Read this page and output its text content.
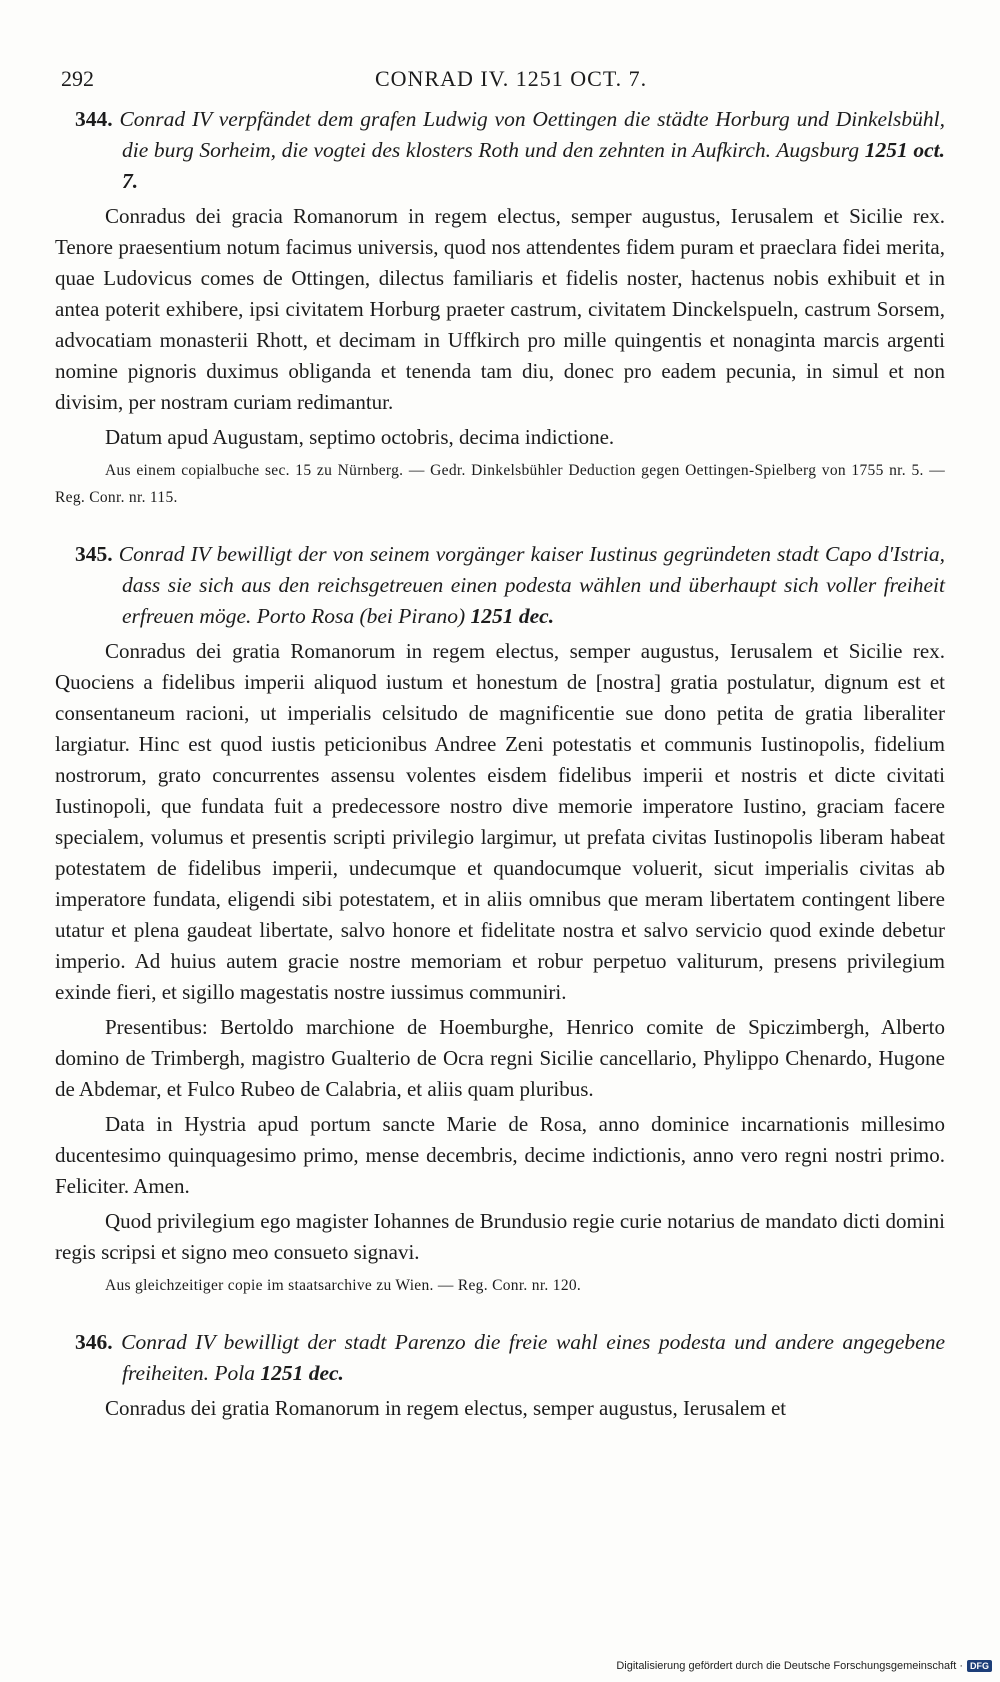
292	CONRAD IV. 1251 OCT. 7.

344. Conrad IV verpfändet dem grafen Ludwig von Oettingen die städte Horburg und Dinkelsbühl, die burg Sorheim, die vogtei des klosters Roth und den zehnten in Aufkirch. Augsburg 1251 oct. 7.

Conradus dei gracia Romanorum in regem electus, semper augustus, Ierusalem et Sicilie rex. Tenore praesentium notum facimus universis, quod nos attendentes fidem puram et praeclara fidei merita, quae Ludovicus comes de Ottingen, dilectus familiaris et fidelis noster, hactenus nobis exhibuit et in antea poterit exhibere, ipsi civitatem Horburg praeter castrum, civitatem Dinckelspueln, castrum Sorsem, advocatiam monasterii Rhott, et decimam in Uffkirch pro mille quingentis et nonaginta marcis argenti nomine pignoris duximus obliganda et tenenda tam diu, donec pro eadem pecunia, in simul et non divisim, per nostram curiam redimantur.

Datum apud Augustam, septimo octobris, decima indictione.

Aus einem copialbuche sec. 15 zu Nürnberg. — Gedr. Dinkelsbühler Deduction gegen Oettingen-Spielberg von 1755 nr. 5. — Reg. Conr. nr. 115.

345. Conrad IV bewilligt der von seinem vorgänger kaiser Iustinus gegründeten stadt Capo d'Istria, dass sie sich aus den reichsgetreuen einen podesta wählen und überhaupt sich voller freiheit erfreuen möge. Porto Rosa (bei Pirano) 1251 dec.

Conradus dei gratia Romanorum in regem electus, semper augustus, Ierusalem et Sicilie rex. Quociens a fidelibus imperii aliquod iustum et honestum de [nostra] gratia postulatur, dignum est et consentaneum racioni, ut imperialis celsitudo de magnificentie sue dono petita de gratia liberaliter largiatur. Hinc est quod iustis peticionibus Andree Zeni potestatis et communis Iustinopolis, fidelium nostrorum, grato concurrentes assensu volentes eisdem fidelibus imperii et nostris et dicte civitati Iustinopoli, que fundata fuit a predecessore nostro dive memorie imperatore Iustino, graciam facere specialem, volumus et presentis scripti privilegio largimur, ut prefata civitas Iustinopolis liberam habeat potestatem de fidelibus imperii, undecumque et quandocumque voluerit, sicut imperialis civitas ab imperatore fundata, eligendi sibi potestatem, et in aliis omnibus que meram libertatem contingent libere utatur et plena gaudeat libertate, salvo honore et fidelitate nostra et salvo servicio quod exinde debetur imperio. Ad huius autem gracie nostre memoriam et robur perpetuo valiturum, presens privilegium exinde fieri, et sigillo magestatis nostre iussimus communiri.

Presentibus: Bertoldo marchione de Hoemburghe, Henrico comite de Spiczimbergh, Alberto domino de Trimbergh, magistro Gualterio de Ocra regni Sicilie cancellario, Phylippo Chenardo, Hugone de Abdemar, et Fulco Rubeo de Calabria, et aliis quam pluribus.

Data in Hystria apud portum sancte Marie de Rosa, anno dominice incarnationis millesimo ducentesimo quinquagesimo primo, mense decembris, decime indictionis, anno vero regni nostri primo. Feliciter. Amen.

Quod privilegium ego magister Iohannes de Brundusio regie curie notarius de mandato dicti domini regis scripsi et signo meo consueto signavi.

Aus gleichzeitiger copie im staatsarchive zu Wien. — Reg. Conr. nr. 120.

346. Conrad IV bewilligt der stadt Parenzo die freie wahl eines podesta und andere angegebene freiheiten. Pola 1251 dec.

Conradus dei gratia Romanorum in regem electus, semper augustus, Ierusalem et

Digitalisierung gefördert durch die Deutsche Forschungsgemeinschaft · DFG
